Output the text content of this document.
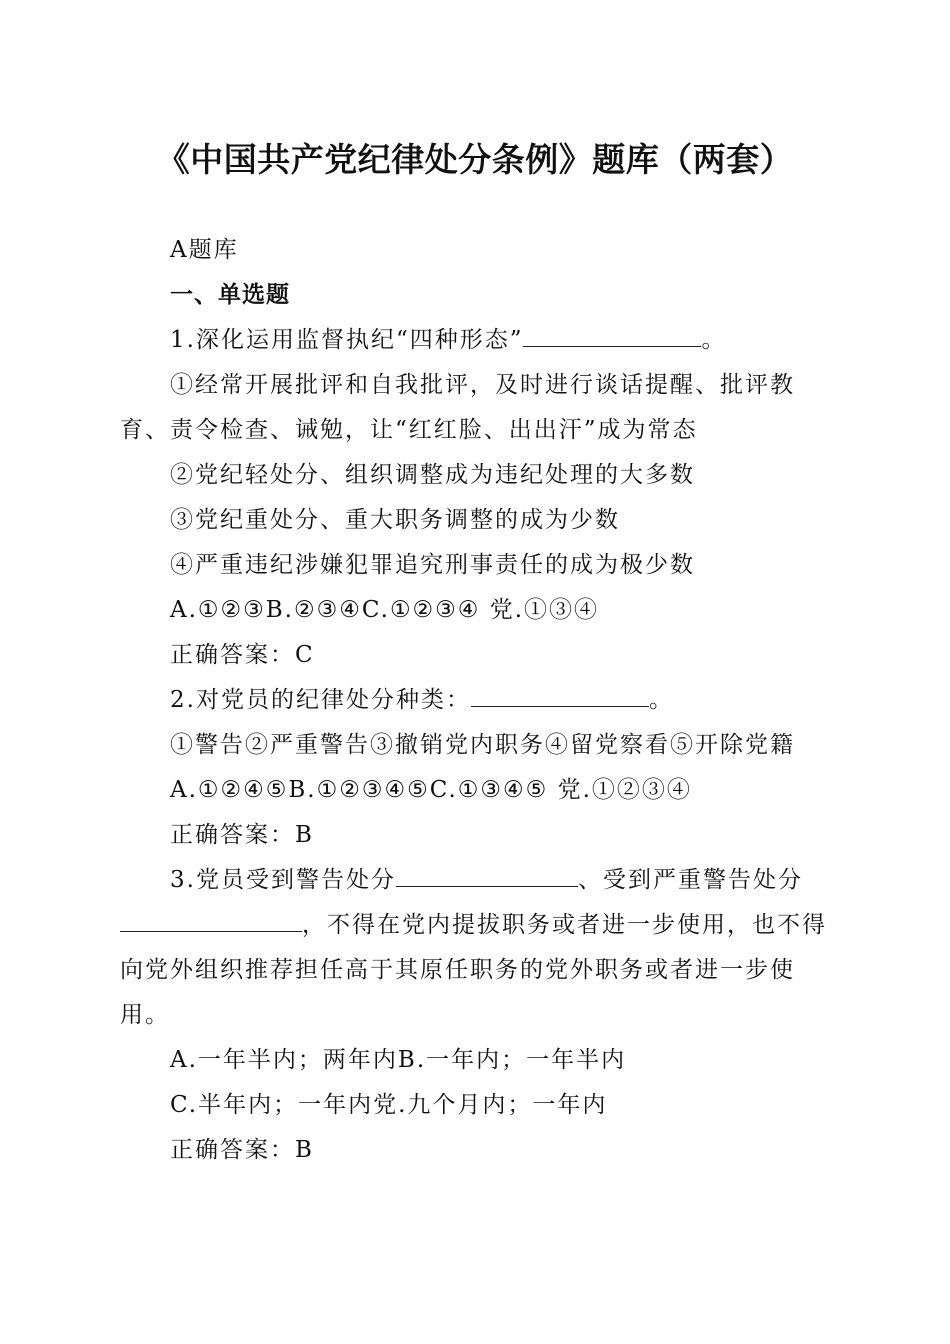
《中国共产党纪律处分条例》题库（两套）

A题库

一、单选题

1.深化运用监督执纪“四种形态”	。

①经常开展批评和自我批评，及时进行谈话提醒、批评教育、责令检查、诫勉，让“红红脸、出出汗”成为常态

②党纪轻处分、组织调整成为违纪处理的大多数

③党纪重处分、重大职务调整的成为少数

④严重违纪涉嫌犯罪追究刑事责任的成为极少数

A.①②③B.②③④C.①②③④ 党.①③④

正确答案：C

2.对党员的纪律处分种类：	。

①警告②严重警告③撤销党内职务④留党察看⑤开除党籍

A.①②④⑤B.①②③④⑤C.①③④⑤ 党.①②③④

正确答案：B

3.党员受到警告处分	、受到严重警告处分，不得在党内提拔职务或者进一步使用，也不得向党外组织推荐担任高于其原任职务的党外职务或者进一步使用。

A.一年半内；两年内B.一年内；一年半内

C.半年内；一年内党.九个月内；一年内

正确答案：B
